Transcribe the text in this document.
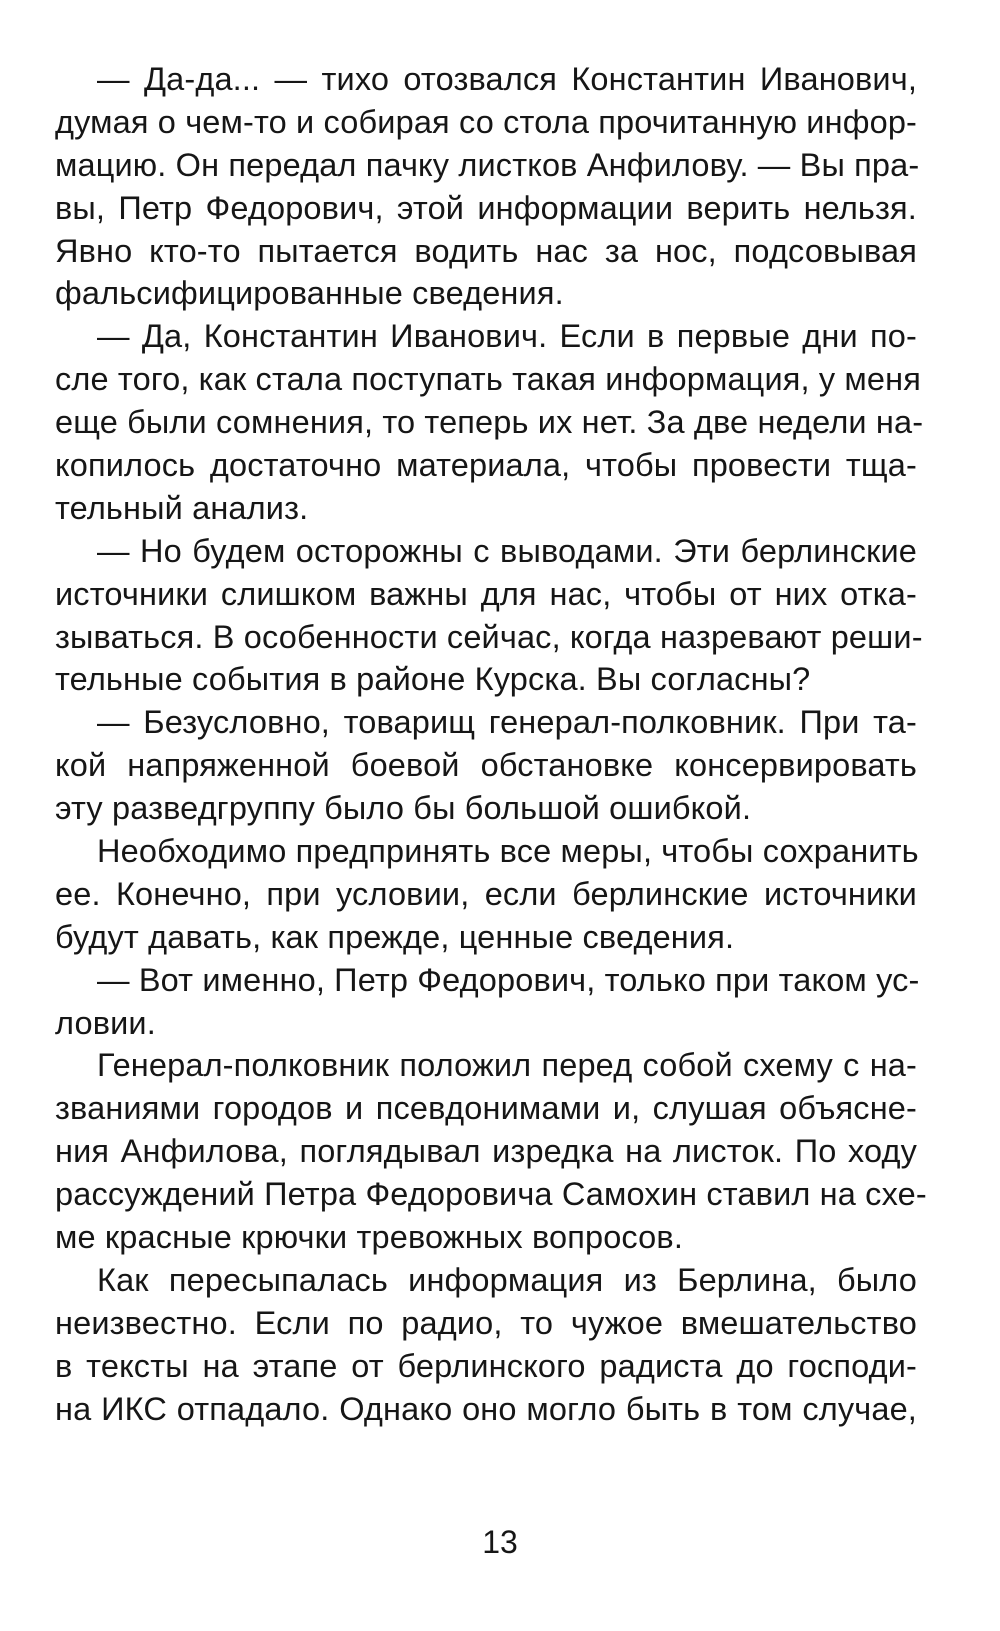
— Да-да... — тихо отозвался Константин Иванович,
думая о чем-то и собирая со стола прочитанную инфор-
мацию. Он передал пачку листков Анфилову. — Вы пра-
вы, Петр Федорович, этой информации верить нельзя.
Явно кто-то пытается водить нас за нос, подсовывая
фальсифицированные сведения.
— Да, Константин Иванович. Если в первые дни по-
сле того, как стала поступать такая информация, у меня
еще были сомнения, то теперь их нет. За две недели на-
копилось достаточно материала, чтобы провести тща-
тельный анализ.
— Но будем осторожны с выводами. Эти берлинские
источники слишком важны для нас, чтобы от них отка-
зываться. В особенности сейчас, когда назревают реши-
тельные события в районе Курска. Вы согласны?
— Безусловно, товарищ генерал-полковник. При та-
кой напряженной боевой обстановке консервировать
эту разведгруппу было бы большой ошибкой.
Необходимо предпринять все меры, чтобы сохранить
ее. Конечно, при условии, если берлинские источники
будут давать, как прежде, ценные сведения.
— Вот именно, Петр Федорович, только при таком ус-
ловии.
Генерал-полковник положил перед собой схему с на-
званиями городов и псевдонимами и, слушая объясне-
ния Анфилова, поглядывал изредка на листок. По ходу
рассуждений Петра Федоровича Самохин ставил на схе-
ме красные крючки тревожных вопросов.
Как пересыпалась информация из Берлина, было
неизвестно. Если по радио, то чужое вмешательство
в тексты на этапе от берлинского радиста до господи-
на ИКС отпадало. Однако оно могло быть в том случае,
13
